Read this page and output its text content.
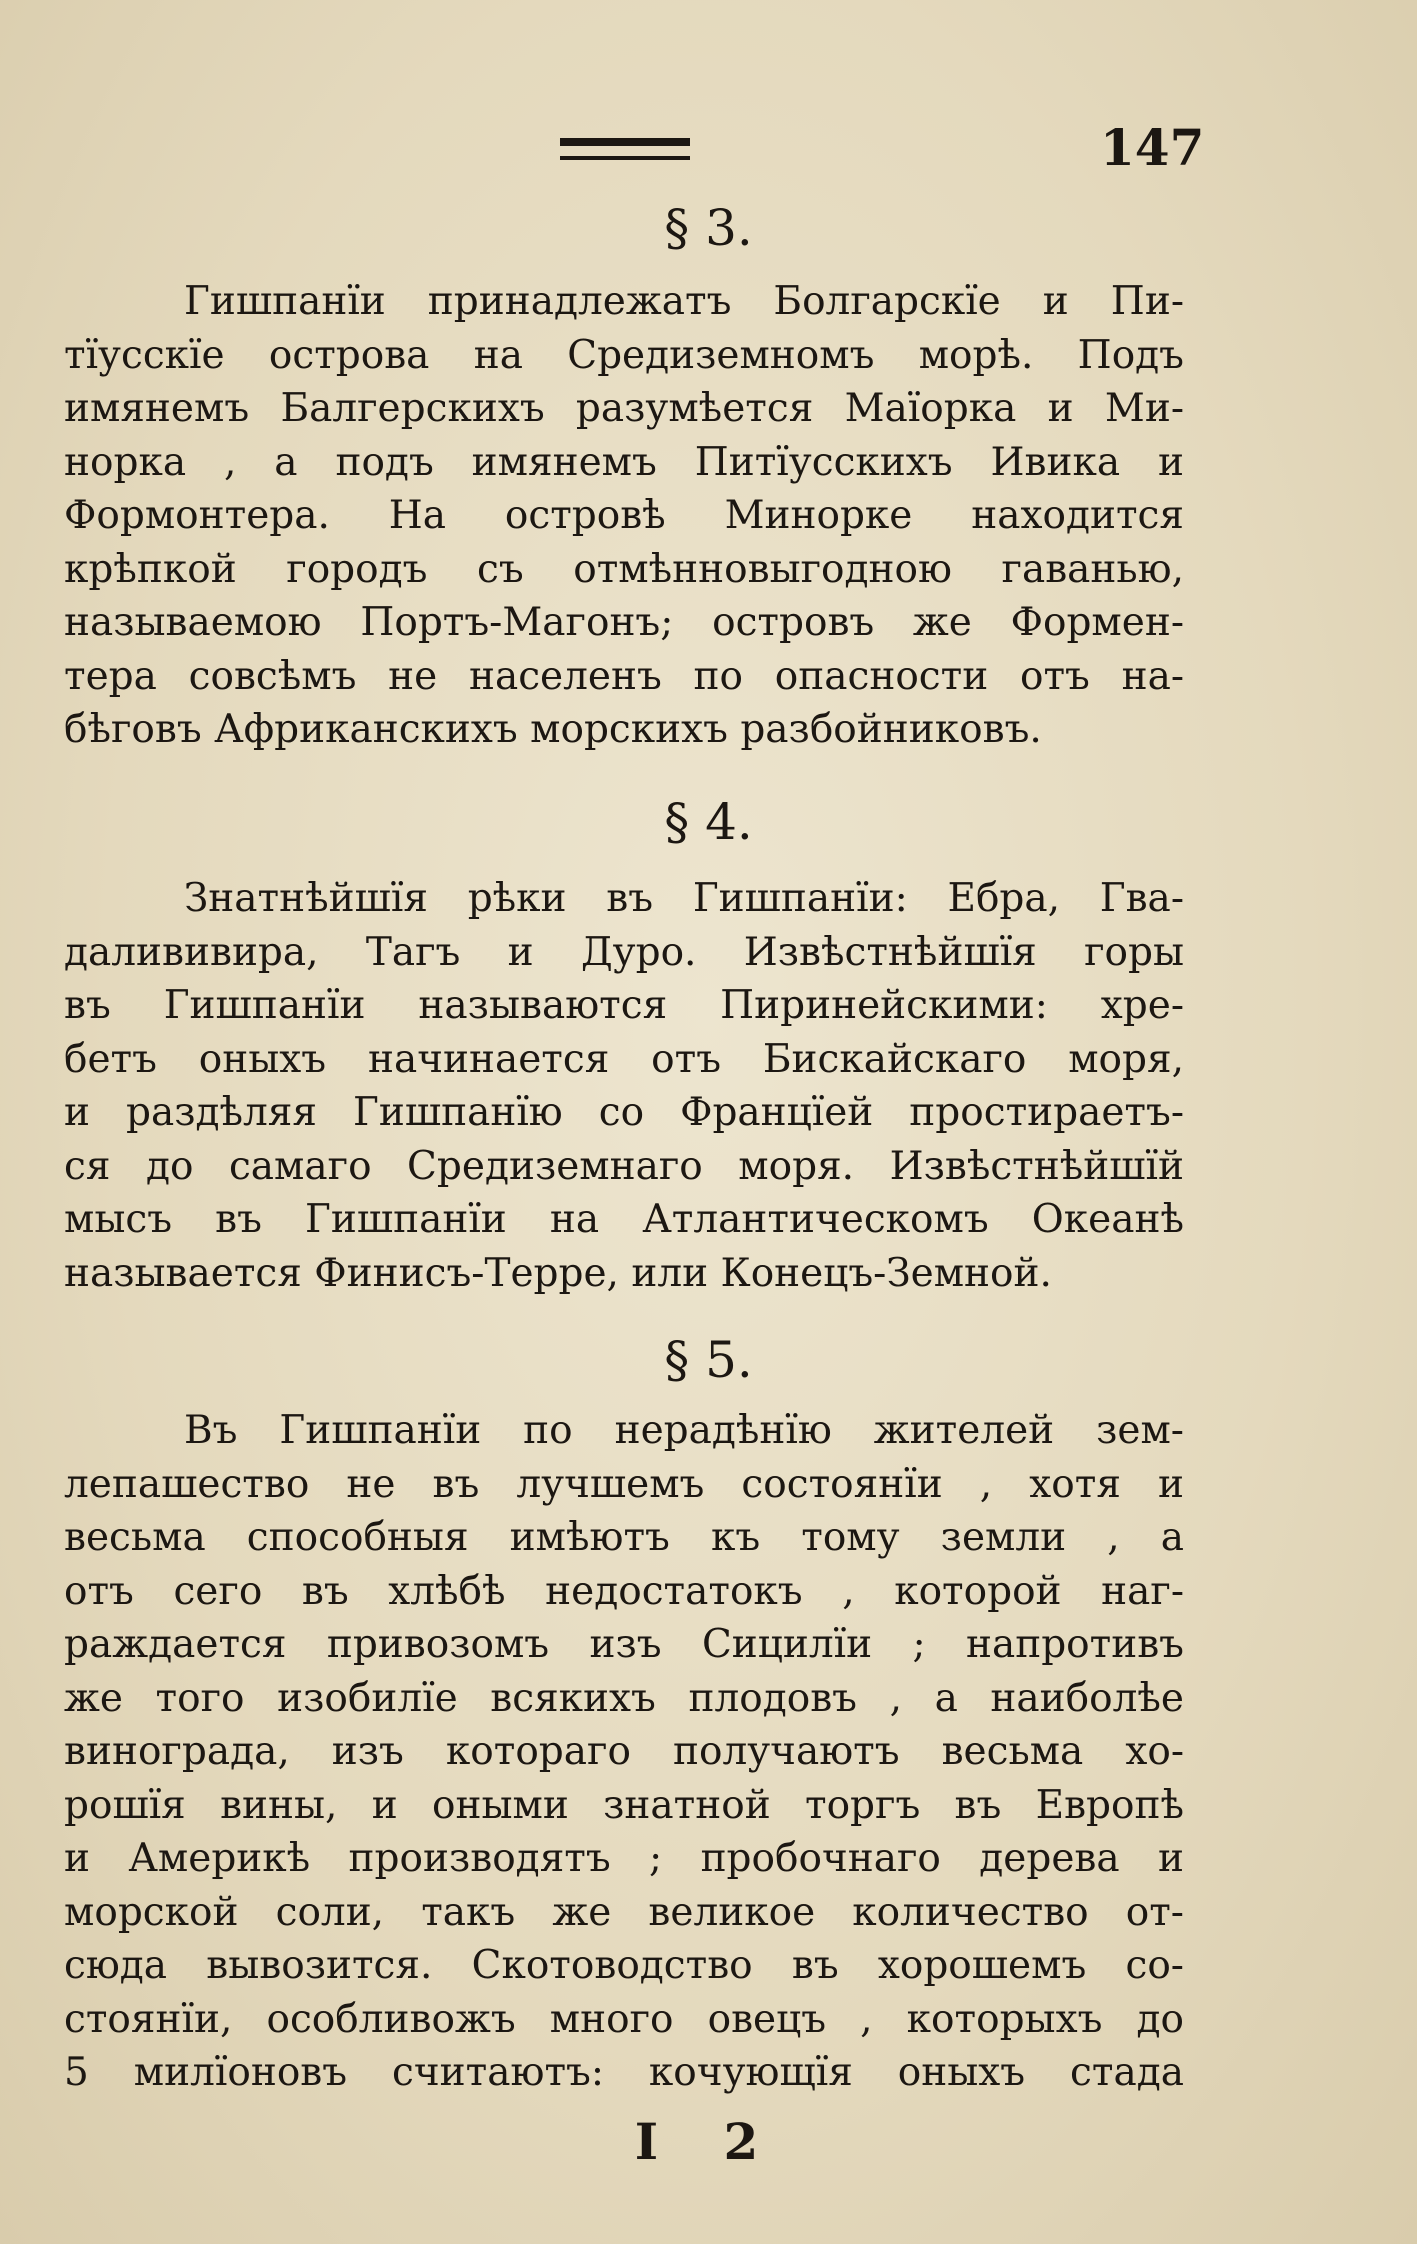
147
§ 3.
Гишпанїи принадлежатъ Болгарскїе и Пи-
тїусскїе острова на Средиземномъ морѣ. Подъ
имянемъ Балгерскихъ разумѣется Маїорка и Ми-
норка , а подъ имянемъ Питїусскихъ Ивика и
Формонтера. На островѣ Минорке находится
крѣпкой городъ съ отмѣнновыгодною гаванью,
называемою Портъ-Магонъ; островъ же Формен-
тера совсѣмъ не населенъ по опасности отъ на-
бѣговъ Африканскихъ морскихъ разбойниковъ.
§ 4.
Знатнѣйшїя рѣки въ Гишпанїи: Ебра, Гва-
далививира, Тагъ и Дуро. Извѣстнѣйшїя горы
въ Гишпанїи называются Пиринейскими: хре-
бетъ оныхъ начинается отъ Бискайскаго моря,
и раздѣляя Гишпанїю со Францїей простираетъ-
ся до самаго Средиземнаго моря. Извѣстнѣйшїй
мысъ въ Гишпанїи на Атлантическомъ Океанѣ
называется Финисъ-Терре, или Конецъ-Земной.
§ 5.
Въ Гишпанїи по нерадѣнїю жителей зем-
лепашество не въ лучшемъ состоянїи , хотя и
весьма способныя имѣютъ къ тому земли , а
отъ сего въ хлѣбѣ недостатокъ , которой наг-
раждается привозомъ изъ Сицилїи ; напротивъ
же того изобилїе всякихъ плодовъ , а наиболѣе
винограда, изъ котораго получаютъ весьма хо-
рошїя вины, и оными знатной торгъ въ Европѣ
и Америкѣ производятъ ; пробочнаго дерева и
морской соли, такъ же великое количество от-
сюда вывозится. Скотоводство въ хорошемъ со-
стоянїи, особливожъ много овецъ , которыхъ до
5 милїоновъ считаютъ: кочующїя оныхъ стада
I 2
